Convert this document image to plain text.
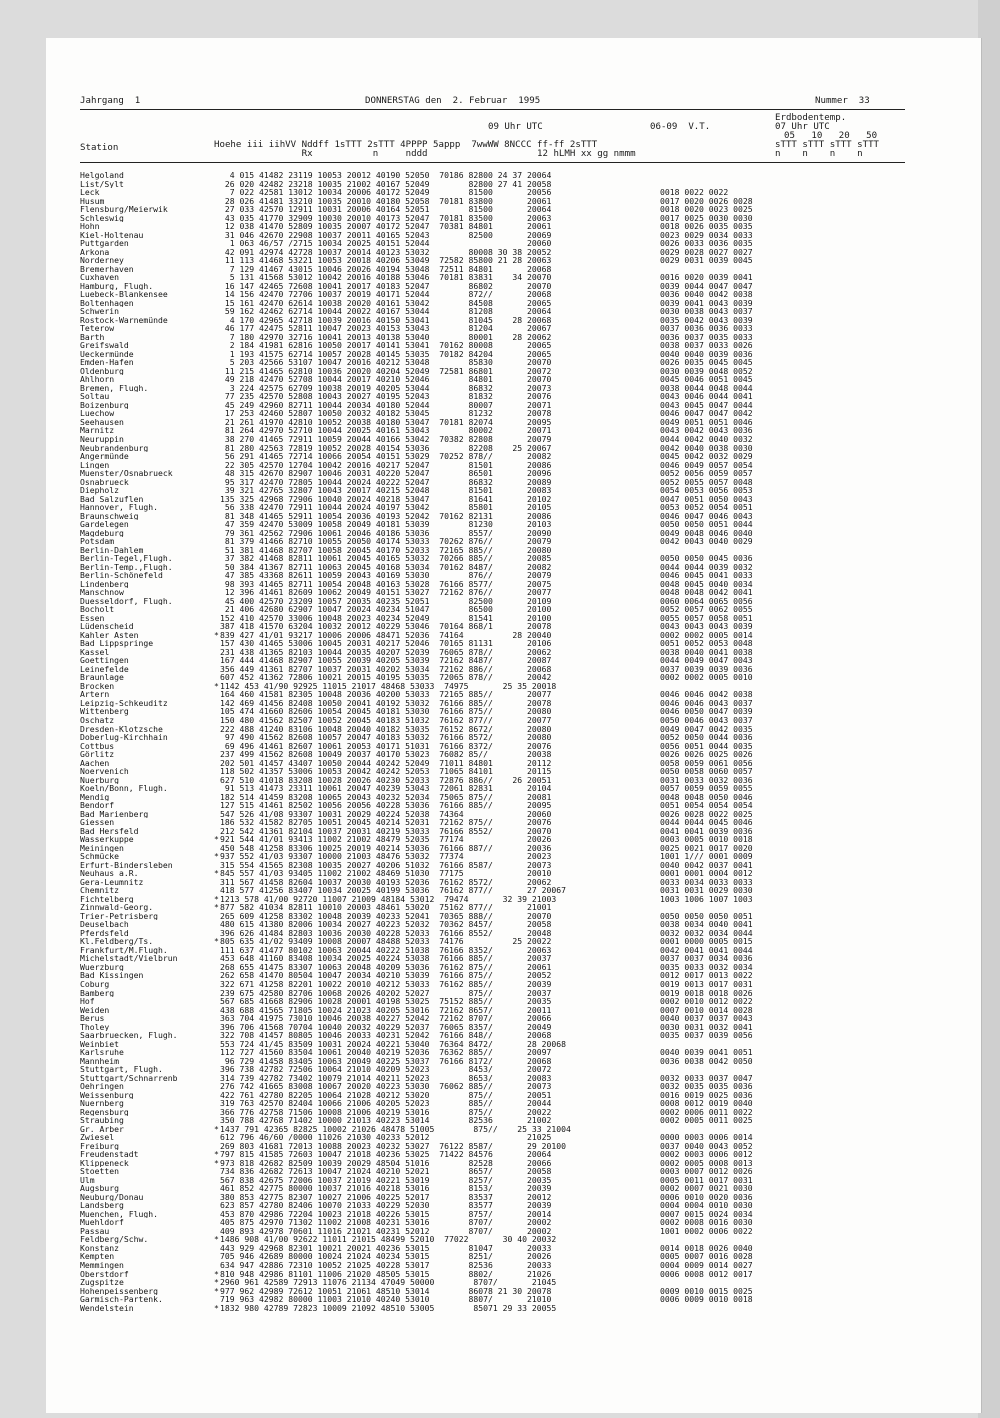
Jahrgang  1	DONNERSTAG den  2. Februar  1995	Nummer  33
Erdbodentemp.
09 Uhr UTC	06-09  V.T.	07 Uhr UTC
05   10   20   50
Station	Hoehe iii iihVV Nddff 1sTTT 2sTTT 4PPPP 5appp  7wwWW 8NCCC ff-ff 2sTTT
Rx           n     nddd                    12 hLMH xx gg nmmm
sTTT sTTT sTTT sTTT
n    n    n    n
Helgoland	4 015 41482 23119 10053 20012 40190 52050  70186 82800 24 37 20064
List/Sylt	26 020 42482 23218 10035 21002 40167 52049        82800 27 41 20058
Leck	7 022 42581 13012 10034 20006 40172 52049        81500       20056	0018 0022 0022
Husum	28 026 41481 33210 10035 20010 40180 52058  70181 83800       20061	0017 0020 0026 0028
Flensburg/Meierwik	27 033 42570 12911 10031 20006 40164 52051        81500       20064	0018 0020 0023 0025
Schleswig	43 035 41770 32909 10030 20010 40173 52047  70181 83500       20063	0017 0025 0030 0030
Hohn	12 038 41470 52809 10035 20007 40172 52047  70381 84801       20061	0018 0026 0035 0035
Kiel-Holtenau	31 046 42670 22908 10037 20011 40165 52043        82500       20069	0023 0029 0034 0033
Puttgarden	1 063 46/57 /2715 10034 20025 40151 52044                    20060	0026 0033 0036 0035
Arkona	42 091 42974 42728 10037 20014 40123 53032        80008 30 38 20052	0029 0028 0027 0027
Norderney	11 113 41468 53221 10053 20018 40206 53049  72582 85800 21 28 20063	0029 0031 0039 0045
Bremerhaven	7 129 41467 43015 10046 20026 40194 53048  72511 84801       20068
Cuxhaven	5 131 41568 53012 10042 20016 40188 53046  70181 83831    34 20070	0016 0020 0039 0041
Hamburg, Flugh.	16 147 42465 72608 10041 20017 40183 52047        86802       20070	0039 0044 0047 0047
Luebeck-Blankensee	14 156 42470 72706 10037 20019 40171 52044        872//       20068	0036 0040 0042 0038
Boltenhagen	15 161 42470 62614 10038 20020 40161 53042        84508       20065	0039 0041 0043 0039
Schwerin	59 162 42462 62714 10044 20022 40167 53044        81208       20064	0030 0038 0043 0037
Rostock-Warnemünde	4 170 42965 42718 10039 20016 40150 53041        81045    28 20068	0035 0042 0043 0039
Teterow	46 177 42475 52811 10047 20023 40153 53043        81204       20067	0037 0036 0036 0033
Barth	7 180 42970 32716 10041 20013 40138 53040        80001    28 20062	0036 0037 0035 0033
Greifswald	2 184 41981 62816 10050 20017 40141 53041  70162 80008       20065	0038 0037 0033 0026
Ueckermünde	1 193 41575 62714 10057 20028 40145 53035  70182 84204       20065	0040 0040 0039 0036
Emden-Hafen	5 203 42566 53107 10047 20016 40212 53048        85830       20070	0026 0035 0045 0045
Oldenburg	11 215 41465 62810 10036 20020 40204 52049  72581 86801       20072	0030 0039 0048 0052
Ahlhorn	49 218 42470 52708 10044 20017 40210 52046        84801       20070	0045 0046 0051 0045
Bremen, Flugh.	3 224 42575 62709 10038 20019 40205 53044        86832       20073	0038 0044 0048 0044
Soltau	77 235 42570 52808 10043 20027 40195 52043        81832       20076	0043 0046 0044 0041
Boizenburg	45 249 42960 82711 10044 20034 40180 52044        80007       20071	0043 0045 0047 0044
Luechow	17 253 42460 52807 10050 20032 40182 53045        81232       20078	0046 0047 0047 0042
Seehausen	21 261 41970 42810 10052 20038 40180 53047  70181 82074       20095	0049 0051 0051 0046
Marnitz	81 264 42970 52710 10044 20025 40161 53043        80002       20071	0043 0042 0043 0036
Neuruppin	38 270 41465 72911 10059 20044 40166 53042  70382 82808       20079	0044 0042 0040 0032
Neubrandenburg	81 280 42563 72819 10052 20028 40154 53036        82208    25 20067	0042 0040 0038 0030
Angermünde	56 291 41465 72714 10066 20054 40151 53029  70252 878//       20082	0045 0042 0032 0029
Lingen	22 305 42570 12704 10042 20016 40217 52047        81501       20086	0046 0049 0057 0054
Muenster/Osnabrueck	48 315 42670 82907 10046 20031 40220 52047        86501       20096	0052 0056 0059 0057
Osnabrueck	95 317 42470 72805 10044 20024 40222 52047        86832       20089	0052 0055 0057 0048
Diepholz	39 321 42765 32807 10043 20017 40215 52048        81501       20083	0054 0053 0056 0053
Bad Salzuflen	135 325 42968 72906 10040 20024 40218 53047        81641       20102	0047 0051 0050 0043
Hannover, Flugh.	56 338 42470 72911 10044 20024 40197 53042        85801       20105	0053 0052 0054 0051
Braunschweig	81 348 41465 52911 10054 20036 40193 52042  70162 82131       20086	0046 0047 0046 0043
Gardelegen	47 359 42470 53009 10058 20049 40181 53039        81230       20103	0050 0050 0051 0044
Magdeburg	79 361 42562 72906 10061 20046 40186 53036        8557/       20090	0049 0048 0046 0040
Potsdam	81 379 41466 82710 10055 20050 40174 53033  70262 876//       20079	0042 0043 0040 0029
Berlin-Dahlem	51 381 41468 82707 10058 20045 40170 52033  72165 885//       20080
Berlin-Tegel,Flugh.	37 382 41468 82811 10061 20045 40165 53032  70266 885//       20085	0050 0050 0045 0036
Berlin-Temp.,Flugh.	50 384 41367 82711 10063 20045 40168 53034  70162 8487/       20082	0044 0044 0039 0032
Berlin-Schönefeld	47 385 43368 82611 10059 20043 40169 53030        876//       20079	0046 0045 0041 0033
Lindenberg	98 393 41465 82711 10054 20048 40163 53028  76166 8577/       20075	0048 0045 0040 0034
Manschnow	12 396 41461 82609 10062 20049 40151 53027  72162 876//       20077	0048 0048 0042 0041
Duesseldorf, Flugh.	45 400 42570 23209 10057 20035 40235 52051        82500       20109	0060 0064 0065 0056
Bocholt	21 406 42680 62907 10047 20024 40234 51047        86500       20100	0052 0057 0062 0055
Essen	152 410 42570 33006 10048 20023 40234 52049        81541       20100	0055 0057 0058 0051
Lüdenscheid	387 418 41570 63204 10032 20012 40229 53046  70164 868/1       20078	0043 0043 0043 0039
Kahler Asten	* 839 427 41/01 93217 10006 20006 48471 52036  74164          28 20040	0002 0002 0005 0014
Bad Lippspringe	157 430 41465 53006 10045 20031 40217 52046  70165 81131       20106	0051 0052 0053 0048
Kassel	231 438 41365 82103 10044 20035 40207 52039  76065 878//       20062	0038 0040 0041 0038
Goettingen	167 444 41468 82907 10055 20039 40205 53039  72162 8487/       20087	0044 0049 0047 0043
Leinefelde	356 449 41361 82707 10037 20031 40202 53034  72162 886//       20068	0037 0039 0039 0036
Braunlage	607 452 41362 72806 10021 20015 40195 53035  72065 878//       20042	0002 0002 0005 0010
Brocken	* 1142 453 41/90 92925 11015 21017 48468 53033  74975       25 35 20018
Artern	164 460 41581 82305 10048 20036 40200 53033  72165 885//       20077	0046 0046 0042 0038
Leipzig-Schkeuditz	142 469 41456 82408 10050 20041 40192 53032  76166 885//       20078	0046 0046 0043 0037
Wittenberg	105 474 41660 82606 10054 20045 40181 53030  76166 875//       20080	0046 0050 0047 0039
Oschatz	150 480 41562 82507 10052 20045 40183 51032  76162 877//       20077	0050 0046 0043 0037
Dresden-Klotzsche	222 488 41240 83106 10048 20040 40182 53035  76152 8672/       20080	0049 0047 0042 0035
Doberlug-Kirchhain	97 490 41562 82608 10057 20047 40183 53032  76166 8572/       20080	0052 0050 0044 0036
Cottbus	69 496 41461 82607 10061 20053 40171 51031  76166 8372/       20076	0056 0051 0044 0035
Görlitz	237 499 41562 82608 10049 20037 40170 53023  76082 85//        20038	0026 0026 0025 0026
Aachen	202 501 41457 43407 10050 20044 40242 52049  71011 84801       20112	0058 0059 0061 0056
Noervenich	118 502 41357 53006 10053 20042 40242 52053  71065 84101       20115	0050 0058 0060 0057
Nuerburg	627 510 41018 83208 10028 20026 40230 52033  72876 886//    26 20051	0031 0033 0032 0036
Koeln/Bonn, Flugh.	91 513 41473 23311 10061 20047 40239 53043  72061 82831       20104	0057 0059 0059 0055
Mendig	182 514 41459 83208 10065 20043 40232 52034  75065 875//       20081	0048 0048 0050 0046
Bendorf	127 515 41461 82502 10056 20056 40228 53036  76166 885//       20095	0051 0054 0054 0054
Bad Marienberg	547 526 41/08 93307 10031 20029 40224 52038  74364             20060	0026 0028 0022 0025
Giessen	186 532 41582 82705 10051 20045 40214 52031  72162 875//       20076	0044 0044 0045 0046
Bad Hersfeld	212 542 41361 82104 10037 20031 40219 53033  76166 8552/       20070	0041 0041 0039 0036
Wasserkuppe	* 921 544 41/01 93413 11002 21002 48479 52035  77174             20026	0003 0005 0010 0018
Meiningen	450 548 41258 83306 10025 20019 40214 53036  76166 887//       20036	0025 0021 0017 0020
Schmücke	* 937 552 41/03 93307 10000 21003 48476 53032  77374             20023	1001 1/// 0001 0009
Erfurt-Bindersleben	315 554 41565 82308 10035 20027 40206 51032  76166 8587/       20073	0040 0042 0037 0041
Neuhaus a.R.	* 845 557 41/03 93405 11002 21002 48469 51030  77175             20010	0001 0001 0004 0012
Gera-Leumnitz	311 567 41458 82604 10037 20030 40193 52036  76162 8572/       20062	0033 0034 0033 0033
Chemnitz	418 577 41256 83407 10034 20025 40199 53036  76162 877//       27 20067	0031 0031 0029 0030
Fichtelberg	* 1213 578 41/00 92720 11007 21009 48184 53012  79474       32 39 21003	1003 1006 1007 1003
Zinnwald-Georg.	* 877 582 41034 82811 10010 20003 48461 53020  75162 877//       21001
Trier-Petrisberg	265 609 41258 83302 10048 20039 40233 52041  70365 888//       20070	0050 0050 0050 0051
Deuselbach	480 615 41380 82006 10034 20027 40223 52032  70362 8457/       20058	0038 0034 0040 0041
Pferdsfeld	396 626 41484 82803 10036 20030 40228 52033  76166 8552/       20048	0032 0032 0034 0044
Kl.Feldberg/Ts.	* 805 635 41/02 93409 10008 20007 48488 52033  74176          25 20022	0001 0000 0005 0015
Frankfurt/M.Flugh.	111 637 41477 80102 10063 20044 40222 51038  76166 8352/       20063	0042 0041 0041 0044
Michelstadt/Vielbrun	453 648 41160 83408 10034 20025 40224 53038  76166 885//       20037	0037 0037 0034 0036
Wuerzburg	268 655 41475 83307 10063 20048 40209 53036  76162 875//       20061	0035 0033 0032 0034
Bad Kissingen	262 658 41470 80504 10047 20034 40210 53039  76166 875//       20052	0012 0017 0013 0022
Coburg	322 671 41258 82201 10022 20010 40212 53033  76162 885//       20039	0019 0013 0017 0031
Bamberg	239 675 42580 82706 10068 20026 40202 52027        875//       20037	0019 0018 0018 0026
Hof	567 685 41668 82906 10028 20001 40198 53025  75152 885//       20035	0002 0010 0012 0022
Weiden	438 688 41565 71805 10024 21023 40205 53016  72162 8657/       20011	0007 0010 0014 0028
Berus	363 704 41975 73010 10046 20038 40227 52042  72162 8707/       20066	0040 0037 0037 0043
Tholey	396 706 41568 70704 10040 20032 40229 52037  76065 8357/       20049	0030 0031 0032 0041
Saarbruecken, Flugh.	322 708 41457 80805 10046 20033 40231 52042  76166 848//       20068	0035 0037 0039 0056
Weinbiet	553 724 41/45 83509 10031 20024 40221 53040  76364 8472/       28 20068
Karlsruhe	112 727 41560 83504 10061 20040 40219 52036  76362 885//       20097	0040 0039 0041 0051
Mannheim	96 729 41458 83405 10063 20049 40225 53037  76166 8172/       20068	0036 0038 0042 0050
Stuttgart, Flugh.	396 738 42782 72506 10064 21010 40209 52023        8453/       20072
Stuttgart/Schnarrenb	314 739 42782 73402 10079 21014 40211 52023        8653/       20083	0032 0033 0037 0047
Oehringen	276 742 41665 83008 10067 20020 40223 53030  76062 885//       20073	0032 0035 0035 0036
Weissenburg	422 761 42780 82205 10064 21028 40212 53020        875//       20051	0016 0019 0025 0036
Nuernberg	319 763 42570 82404 10066 21006 40205 52023        885//       20044	0008 0012 0019 0040
Regensburg	366 776 42758 71506 10008 21006 40219 53016        875//       20022	0002 0006 0011 0022
Straubing	350 788 42768 71402 10000 21013 40223 53014        82536       21002	0002 0005 0011 0025
Gr. Arber	* 1437 791 42365 82825 10002 21026 48478 51005        875//    25 33 21004
Zwiesel	612 796 46/60 /0000 11026 21030 40233 52012                    21025	0000 0003 0006 0014
Freiburg	269 803 41681 72013 10088 20023 40232 53027  76122 8587/       29 20100	0037 0040 0043 0052
Freudenstadt	* 797 815 41585 72603 10047 21018 40236 53025  71422 84576       20064	0002 0003 0006 0012
Klippeneck	* 973 818 42682 82509 10039 20029 48504 51016        82528       20066	0002 0005 0008 0013
Stoetten	734 836 42682 72613 10047 21024 40210 52021        8657/       20058	0003 0007 0012 0026
Ulm	567 838 42675 72006 10037 21019 40221 53019        8257/       20035	0005 0011 0017 0031
Augsburg	461 852 42775 80000 10037 21016 40218 53016        8153/       20039	0002 0007 0021 0030
Neuburg/Donau	380 853 42775 82307 10027 21006 40225 52017        83537       20012	0006 0010 0020 0036
Landsberg	623 857 42780 82406 10070 21033 40229 52030        83577       20039	0004 0004 0010 0030
Muenchen, Flugh.	453 870 42986 72204 10023 21018 40226 53015        8757/       20014	0007 0015 0024 0034
Muehldorf	405 875 42970 71302 11002 21008 40231 53016        8707/       20002	0002 0008 0016 0030
Passau	409 893 42978 70601 11016 21021 40231 52012        8707/       20002	1001 0002 0006 0022
Feldberg/Schw.	* 1486 908 41/00 92622 11011 21015 48499 52010  77022       30 40 20032
Konstanz	443 929 42968 82301 10021 20021 40236 53015        81047       20033	0014 0018 0026 0040
Kempten	705 946 42689 80000 10024 21024 40234 53015        8251/       20026	0005 0007 0016 0028
Memmingen	634 947 42886 72310 10052 21025 40228 53017        82536       20033	0004 0009 0014 0027
Oberstdorf	* 810 948 42986 81101 11006 21020 48505 53015        8802/       21026	0006 0008 0012 0017
Zugspitze	* 2960 961 42589 72913 11076 21134 47049 50000        8707/       21045
Hohenpeissenberg	* 977 962 42989 72612 10051 21061 48510 53014        86078 21 30 20078	0009 0010 0015 0025
Garmisch-Partenk.	719 963 42982 80000 11003 21010 40240 53010        8807/       21010	0006 0009 0010 0018
Wendelstein	* 1832 980 42789 72823 10009 21092 48510 53005        85071 29 33 20055
